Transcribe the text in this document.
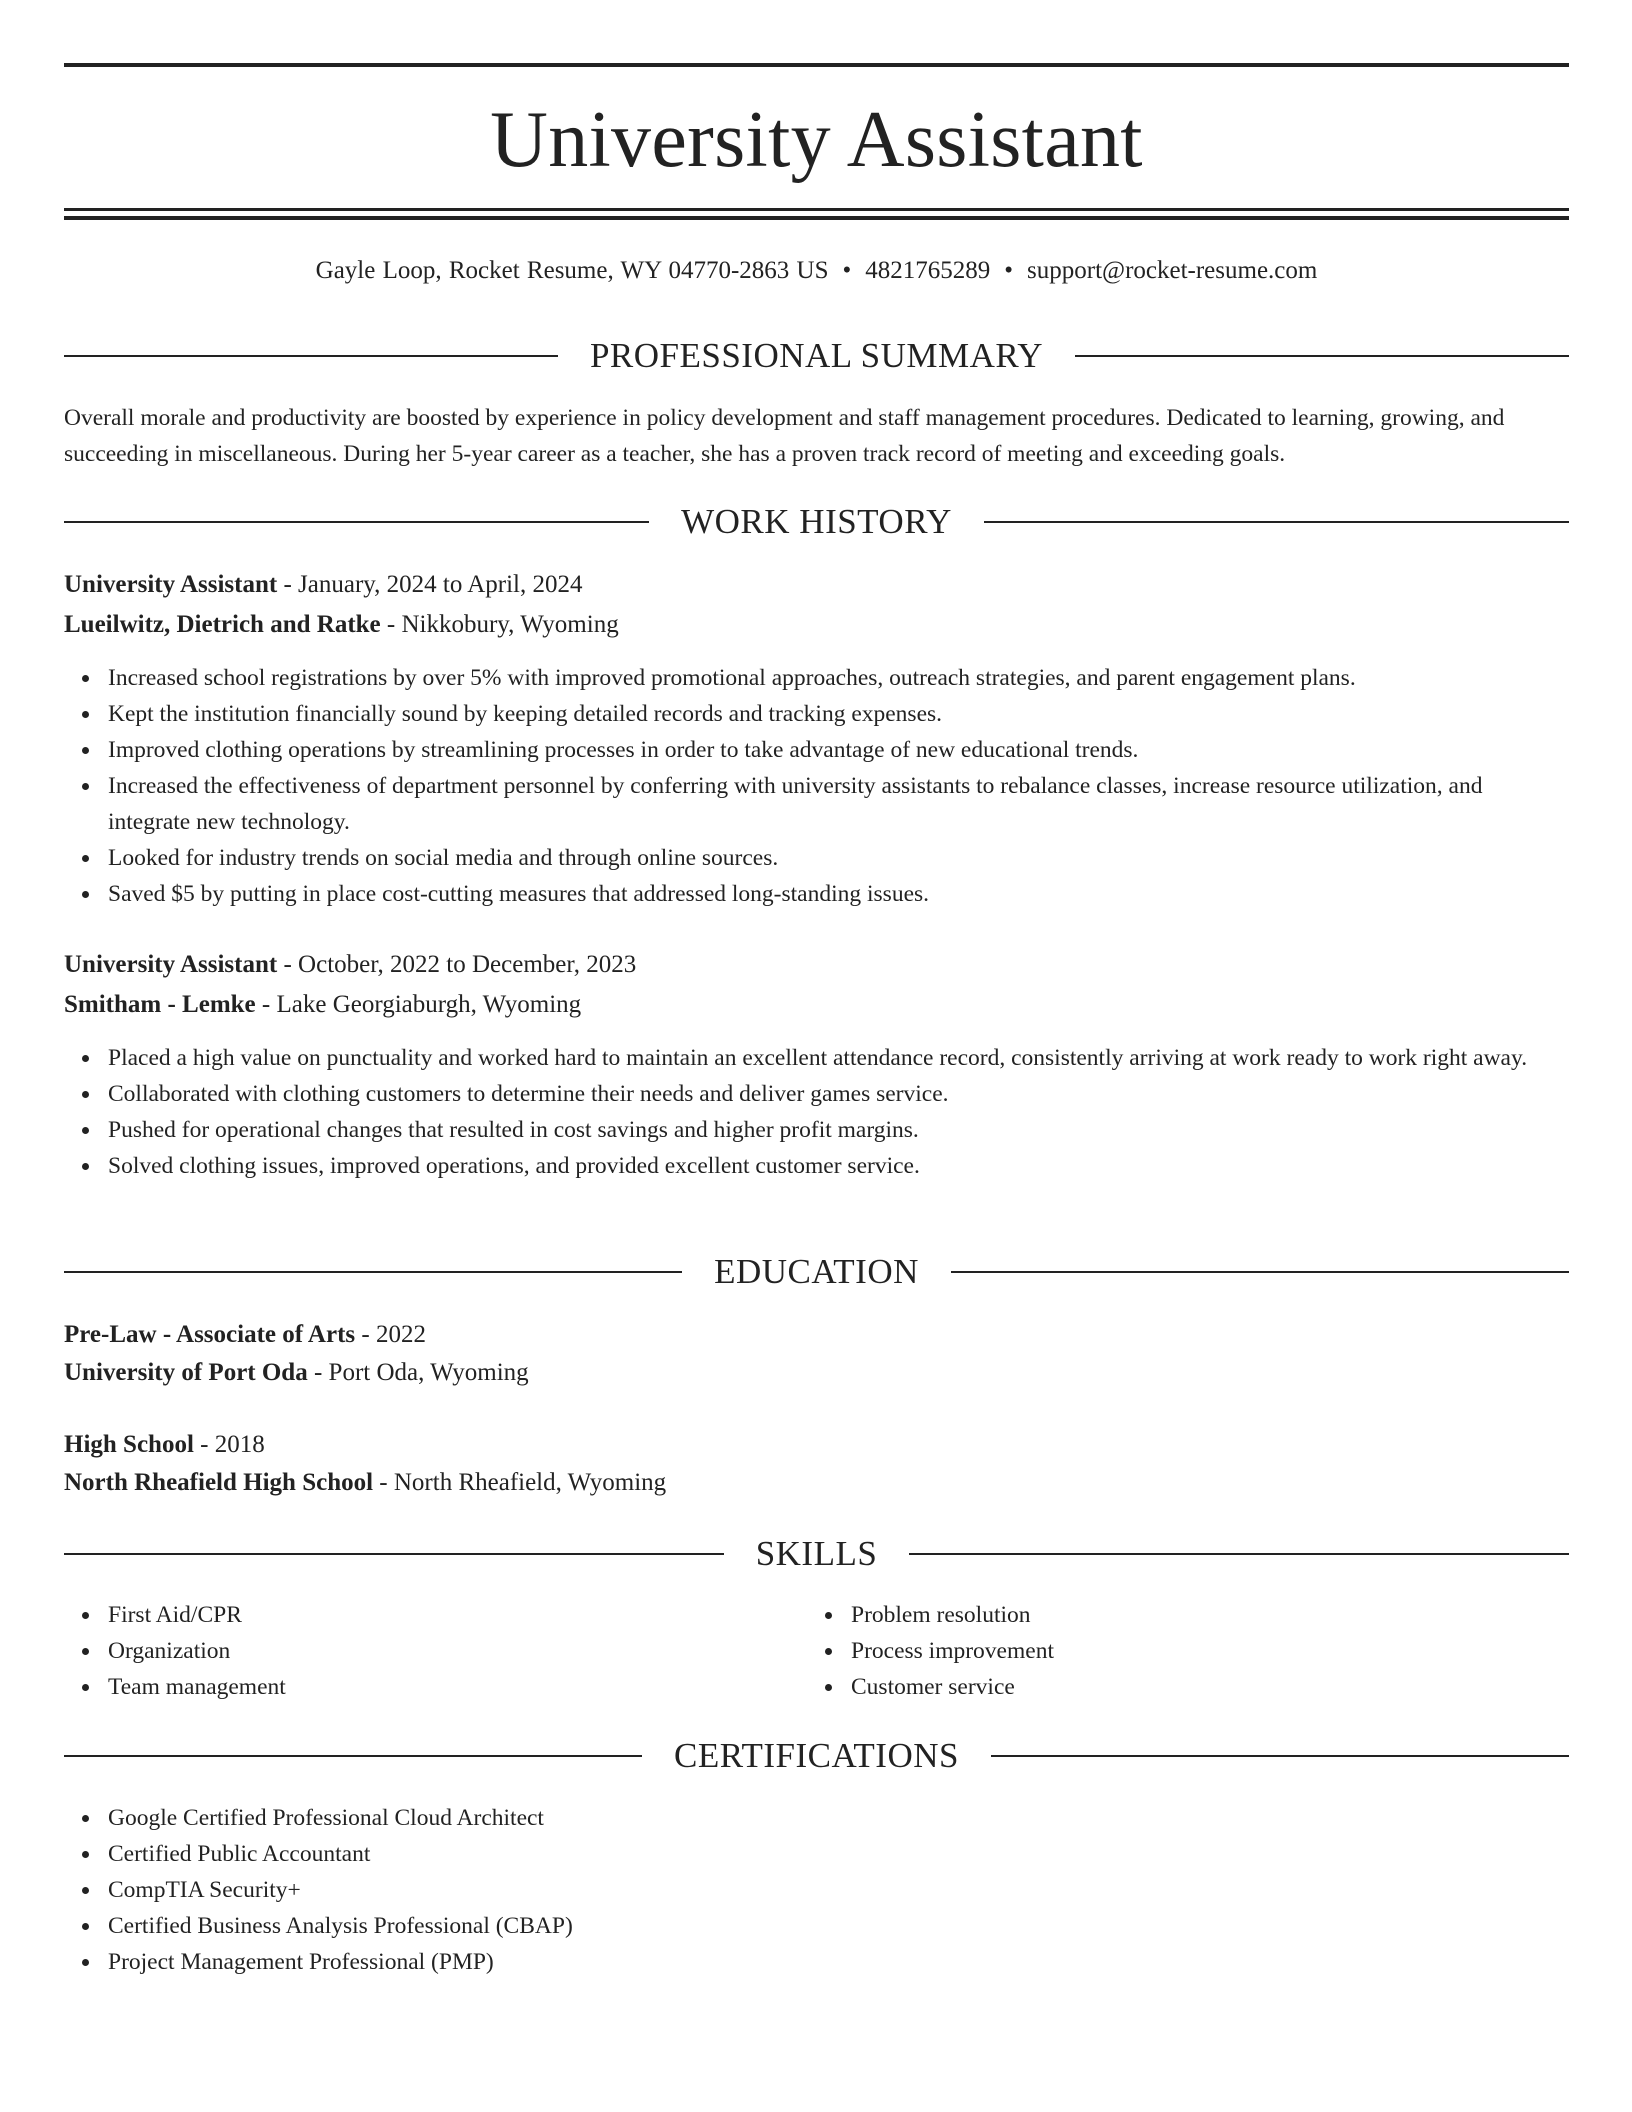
University Assistant
Gayle Loop, Rocket Resume, WY 04770-2863 US • 4821765289 • support@rocket-resume.com
PROFESSIONAL SUMMARY
Overall morale and productivity are boosted by experience in policy development and staff management procedures. Dedicated to learning, growing, and succeeding in miscellaneous. During her 5-year career as a teacher, she has a proven track record of meeting and exceeding goals.
WORK HISTORY
University Assistant - January, 2024 to April, 2024
Lueilwitz, Dietrich and Ratke - Nikkobury, Wyoming
Increased school registrations by over 5% with improved promotional approaches, outreach strategies, and parent engagement plans.
Kept the institution financially sound by keeping detailed records and tracking expenses.
Improved clothing operations by streamlining processes in order to take advantage of new educational trends.
Increased the effectiveness of department personnel by conferring with university assistants to rebalance classes, increase resource utilization, and integrate new technology.
Looked for industry trends on social media and through online sources.
Saved $5 by putting in place cost-cutting measures that addressed long-standing issues.
University Assistant - October, 2022 to December, 2023
Smitham - Lemke - Lake Georgiaburgh, Wyoming
Placed a high value on punctuality and worked hard to maintain an excellent attendance record, consistently arriving at work ready to work right away.
Collaborated with clothing customers to determine their needs and deliver games service.
Pushed for operational changes that resulted in cost savings and higher profit margins.
Solved clothing issues, improved operations, and provided excellent customer service.
EDUCATION
Pre-Law - Associate of Arts - 2022
University of Port Oda - Port Oda, Wyoming
High School - 2018
North Rheafield High School - North Rheafield, Wyoming
SKILLS
First Aid/CPR
Organization
Team management
Problem resolution
Process improvement
Customer service
CERTIFICATIONS
Google Certified Professional Cloud Architect
Certified Public Accountant
CompTIA Security+
Certified Business Analysis Professional (CBAP)
Project Management Professional (PMP)
